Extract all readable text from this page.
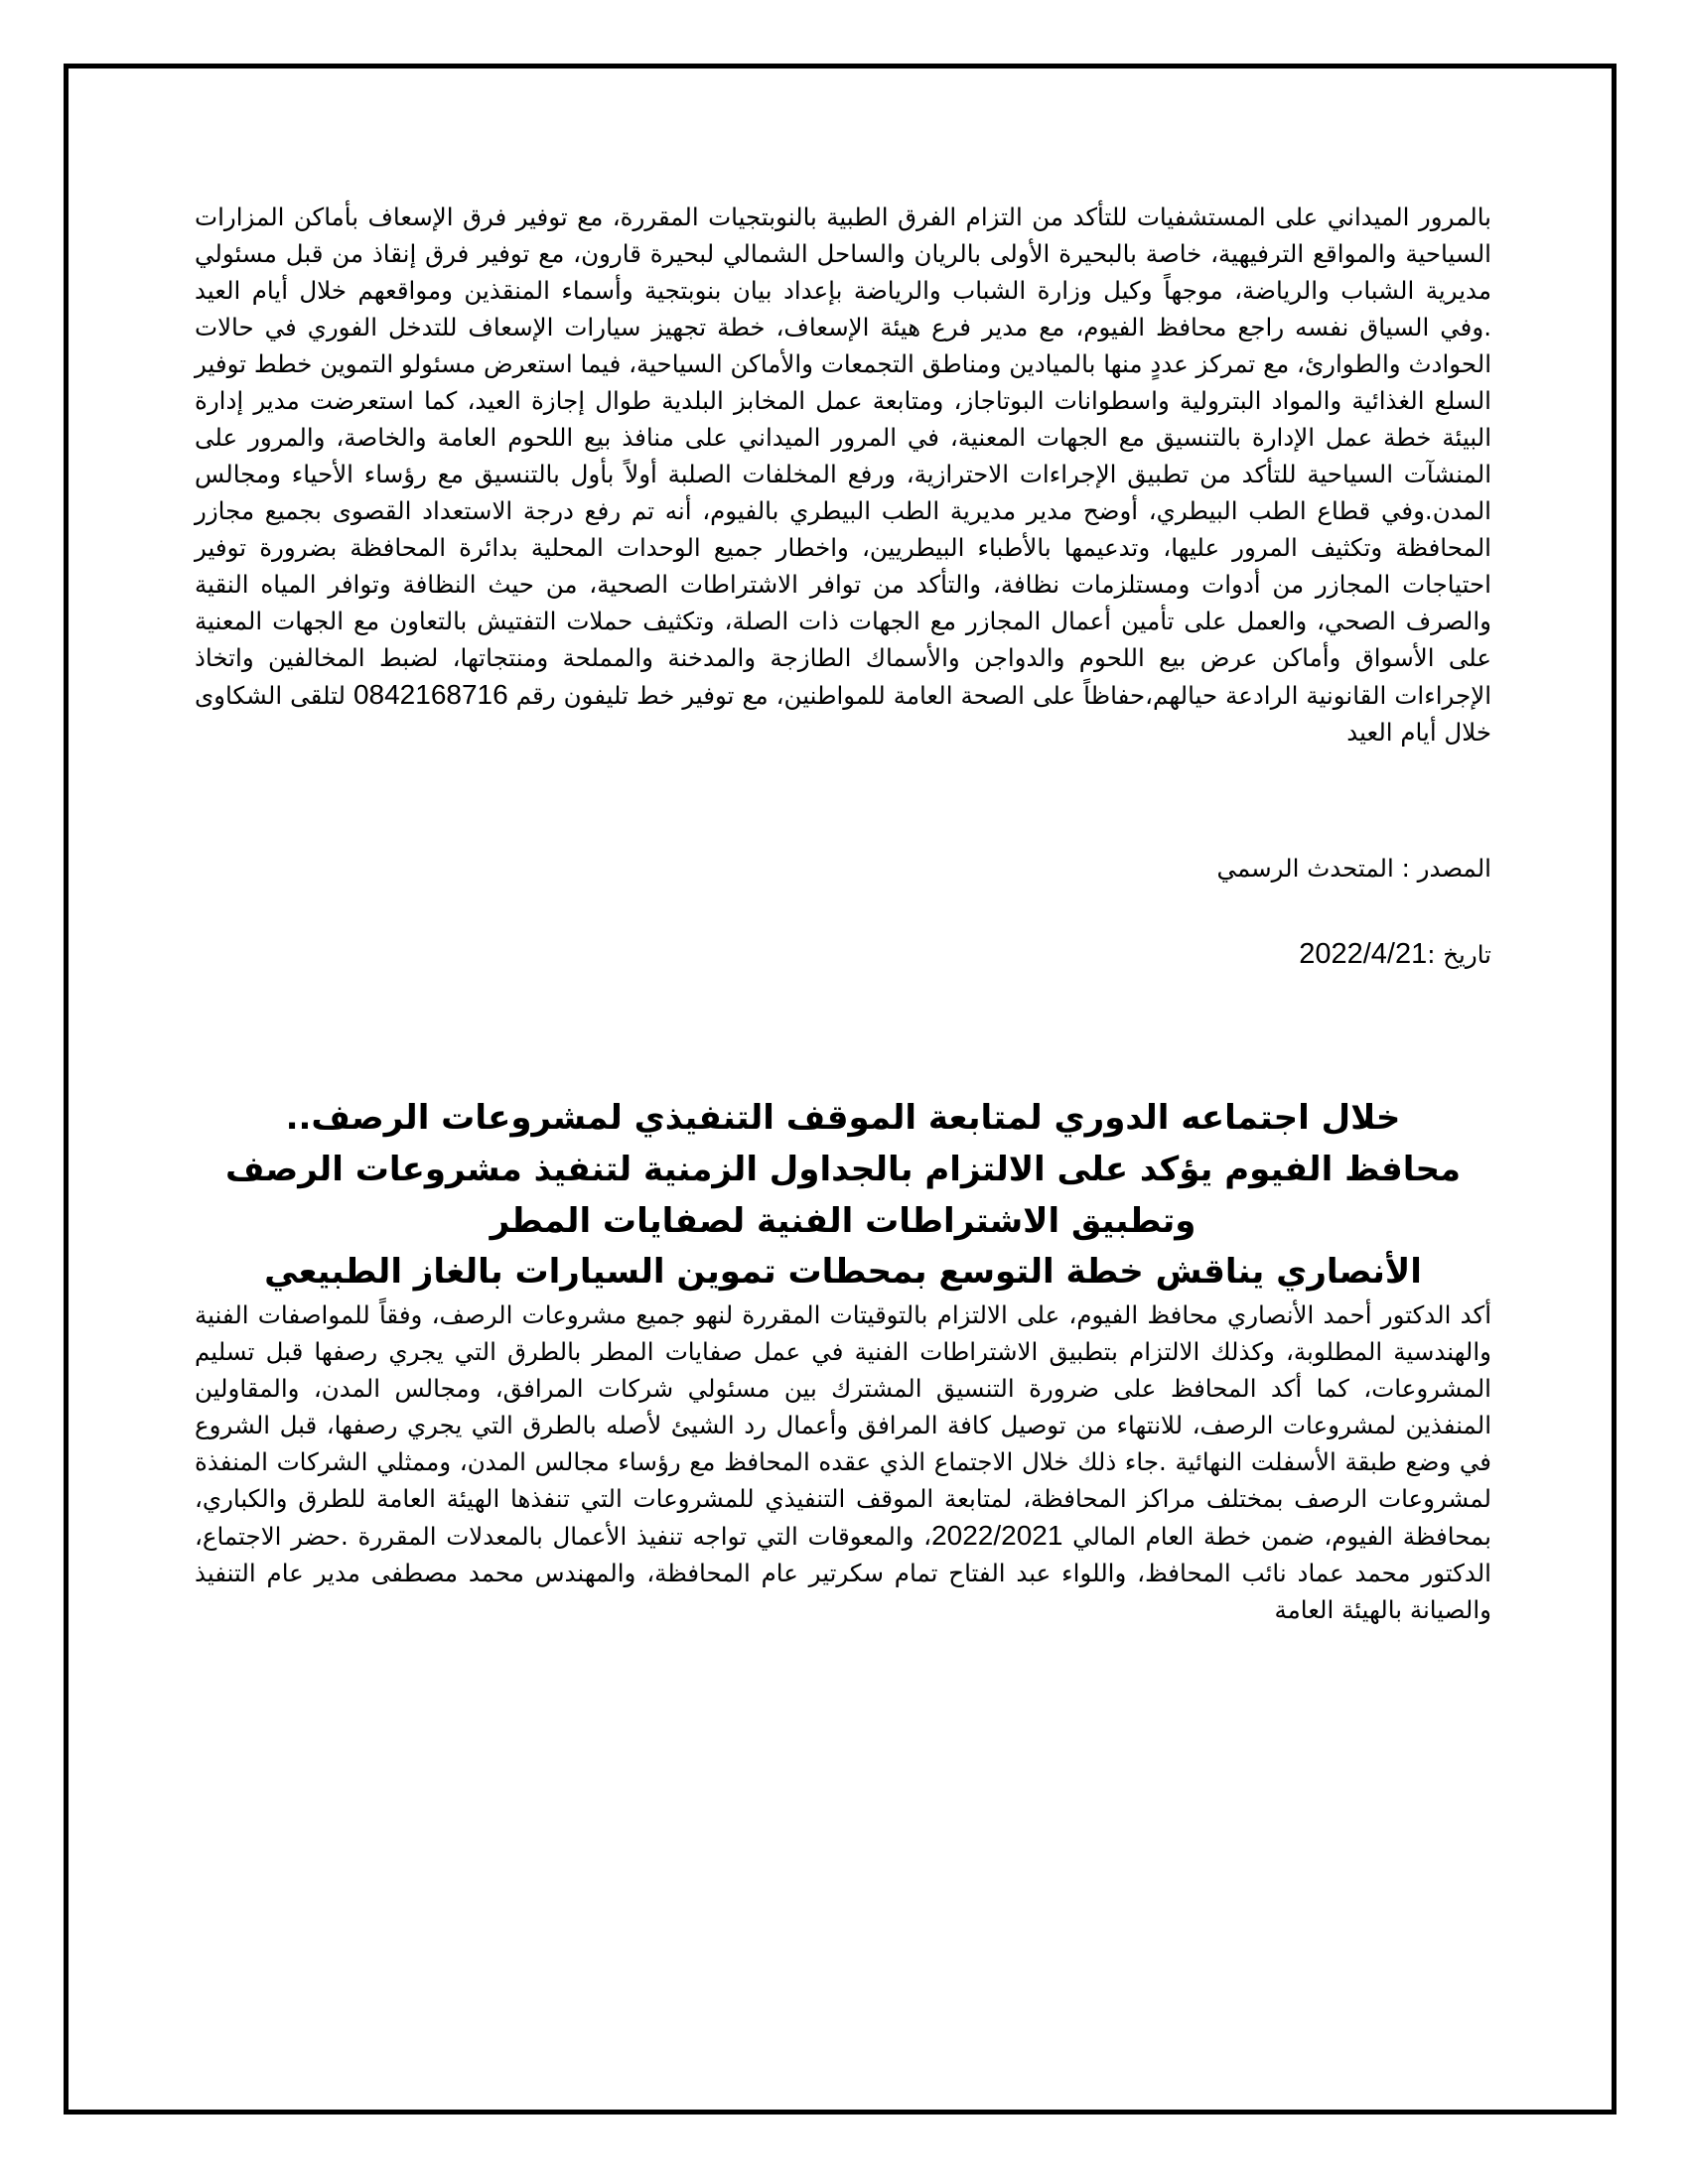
بالمرور الميداني على المستشفيات للتأكد من التزام الفرق الطبية بالنوبتجيات المقررة، مع توفير فرق الإسعاف بأماكن المزارات السياحية والمواقع الترفيهية، خاصة بالبحيرة الأولى بالريان والساحل الشمالي لبحيرة قارون، مع توفير فرق إنقاذ من قبل مسئولي مديرية الشباب والرياضة، موجهاً وكيل وزارة الشباب والرياضة بإعداد بيان بنوبتجية وأسماء المنقذين ومواقعهم خلال أيام العيد .وفي السياق نفسه راجع محافظ الفيوم، مع مدير فرع هيئة الإسعاف، خطة تجهيز سيارات الإسعاف للتدخل الفوري في حالات الحوادث والطوارئ، مع تمركز عددٍ منها بالميادين ومناطق التجمعات والأماكن السياحية، فيما استعرض مسئولو التموين خطط توفير السلع الغذائية والمواد البترولية واسطوانات البوتاجاز، ومتابعة عمل المخابز البلدية طوال إجازة العيد، كما استعرضت مدير إدارة البيئة خطة عمل الإدارة بالتنسيق مع الجهات المعنية، في المرور الميداني على منافذ بيع اللحوم العامة والخاصة، والمرور على المنشآت السياحية للتأكد من تطبيق الإجراءات الاحترازية، ورفع المخلفات الصلبة أولاً بأول بالتنسيق مع رؤساء الأحياء ومجالس المدن.وفي قطاع الطب البيطري، أوضح مدير مديرية الطب البيطري بالفيوم، أنه تم رفع درجة الاستعداد القصوى بجميع مجازر المحافظة وتكثيف المرور عليها، وتدعيمها بالأطباء البيطريين، واخطار جميع الوحدات المحلية بدائرة المحافظة بضرورة توفير احتياجات المجازر من أدوات ومستلزمات نظافة، والتأكد من توافر الاشتراطات الصحية، من حيث النظافة وتوافر المياه النقية والصرف الصحي، والعمل على تأمين أعمال المجازر مع الجهات ذات الصلة، وتكثيف حملات التفتيش بالتعاون مع الجهات المعنية على الأسواق وأماكن عرض بيع اللحوم والدواجن والأسماك الطازجة والمدخنة والمملحة ومنتجاتها، لضبط المخالفين واتخاذ الإجراءات القانونية الرادعة حيالهم،حفاظاً على الصحة العامة للمواطنين، مع توفير خط تليفون رقم 0842168716 لتلقى الشكاوى خلال أيام العيد

المصدر : المتحدث الرسمي

تاريخ :2022/4/21

خلال اجتماعه الدوري لمتابعة الموقف التنفيذي لمشروعات الرصف..

محافظ الفيوم يؤكد على الالتزام بالجداول الزمنية لتنفيذ مشروعات الرصف

وتطبيق الاشتراطات الفنية لصفايات المطر

الأنصاري يناقش خطة التوسع بمحطات تموين السيارات بالغاز الطبيعي

أكد الدكتور أحمد الأنصاري محافظ الفيوم، على الالتزام بالتوقيتات المقررة لنهو جميع مشروعات الرصف، وفقاً للمواصفات الفنية والهندسية المطلوبة، وكذلك الالتزام بتطبيق الاشتراطات الفنية في عمل صفايات المطر بالطرق التي يجري رصفها قبل تسليم المشروعات، كما أكد المحافظ على ضرورة التنسيق المشترك بين مسئولي شركات المرافق، ومجالس المدن، والمقاولين المنفذين لمشروعات الرصف، للانتهاء من توصيل كافة المرافق وأعمال رد الشيئ لأصله بالطرق التي يجري رصفها، قبل الشروع في وضع طبقة الأسفلت النهائية .جاء ذلك خلال الاجتماع الذي عقده المحافظ مع رؤساء مجالس المدن، وممثلي الشركات المنفذة لمشروعات الرصف بمختلف مراكز المحافظة، لمتابعة الموقف التنفيذي للمشروعات التي تنفذها الهيئة العامة للطرق والكباري، بمحافظة الفيوم، ضمن خطة العام المالي 2022/2021، والمعوقات التي تواجه تنفيذ الأعمال بالمعدلات المقررة .حضر الاجتماع، الدكتور محمد عماد نائب المحافظ، واللواء عبد الفتاح تمام سكرتير عام المحافظة، والمهندس محمد مصطفى مدير عام التنفيذ والصيانة بالهيئة العامة
